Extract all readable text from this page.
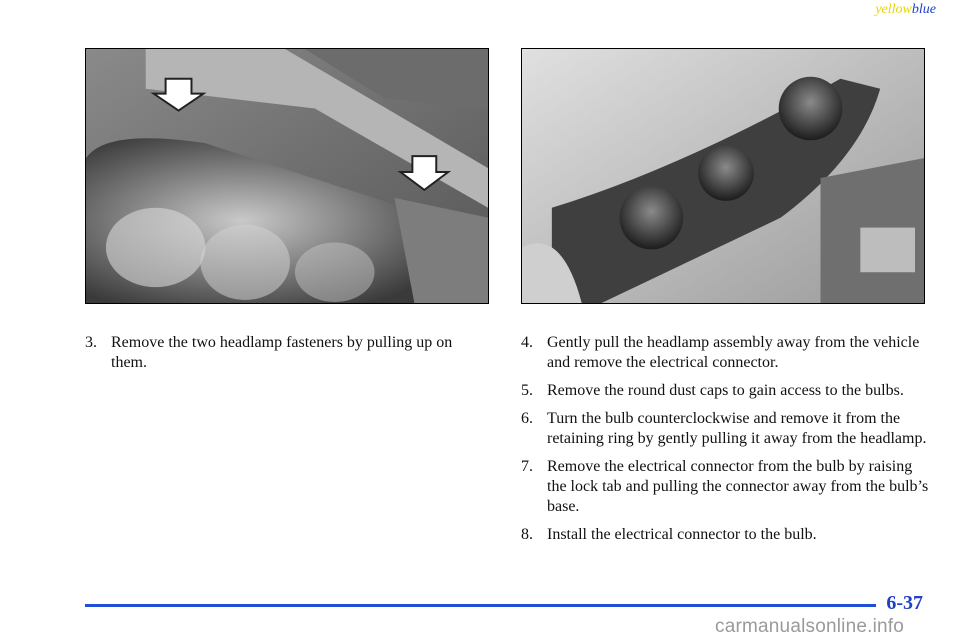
yellowblue
3. Remove the two headlamp fasteners by pulling up on them.
4. Gently pull the headlamp assembly away from the vehicle and remove the electrical connector.
5. Remove the round dust caps to gain access to the bulbs.
6. Turn the bulb counterclockwise and remove it from the retaining ring by gently pulling it away from the headlamp.
7. Remove the electrical connector from the bulb by raising the lock tab and pulling the connector away from the bulb’s base.
8. Install the electrical connector to the bulb.
6-37
carmanualsonline.info
